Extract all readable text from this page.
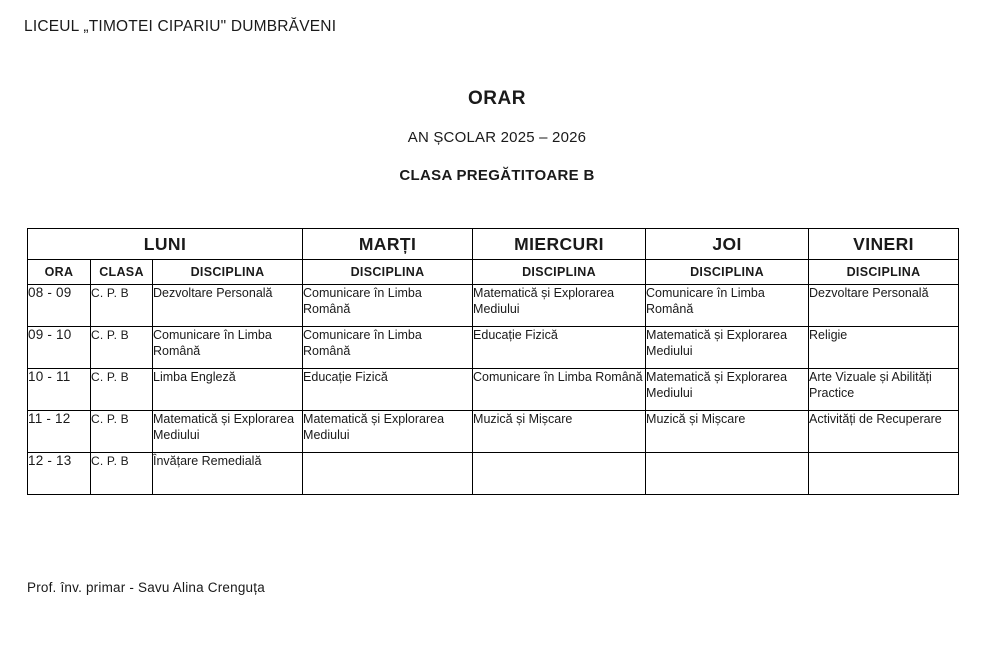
LICEUL „TIMOTEI CIPARIU" DUMBRĂVENI

ORAR

AN ȘCOLAR 2025 – 2026

CLASA PREGĂTITOARE B

LUNI			MARȚI	MIERCURI	JOI	VINERI
ORA	CLASA	DISCIPLINA	DISCIPLINA	DISCIPLINA	DISCIPLINA	DISCIPLINA
08 - 09	C. P. B	Dezvoltare Personală	Comunicare în Limba Română	Matematică și Explorarea Mediului	Comunicare în Limba Română	Dezvoltare Personală
09 - 10	C. P. B	Comunicare în Limba Română	Comunicare în Limba Română	Educație Fizică	Matematică și Explorarea Mediului	Religie
10 - 11	C. P. B	Limba Engleză	Educație Fizică	Comunicare în Limba Română	Matematică și Explorarea Mediului	Arte Vizuale și Abilități Practice
11 - 12	C. P. B	Matematică și Explorarea Mediului	Matematică și Explorarea Mediului	Muzică și Mișcare	Muzică și Mișcare	Activități de Recuperare
12 - 13	C. P. B	Învățare Remedială				
Prof. înv. primar - Savu Alina Crenguța
